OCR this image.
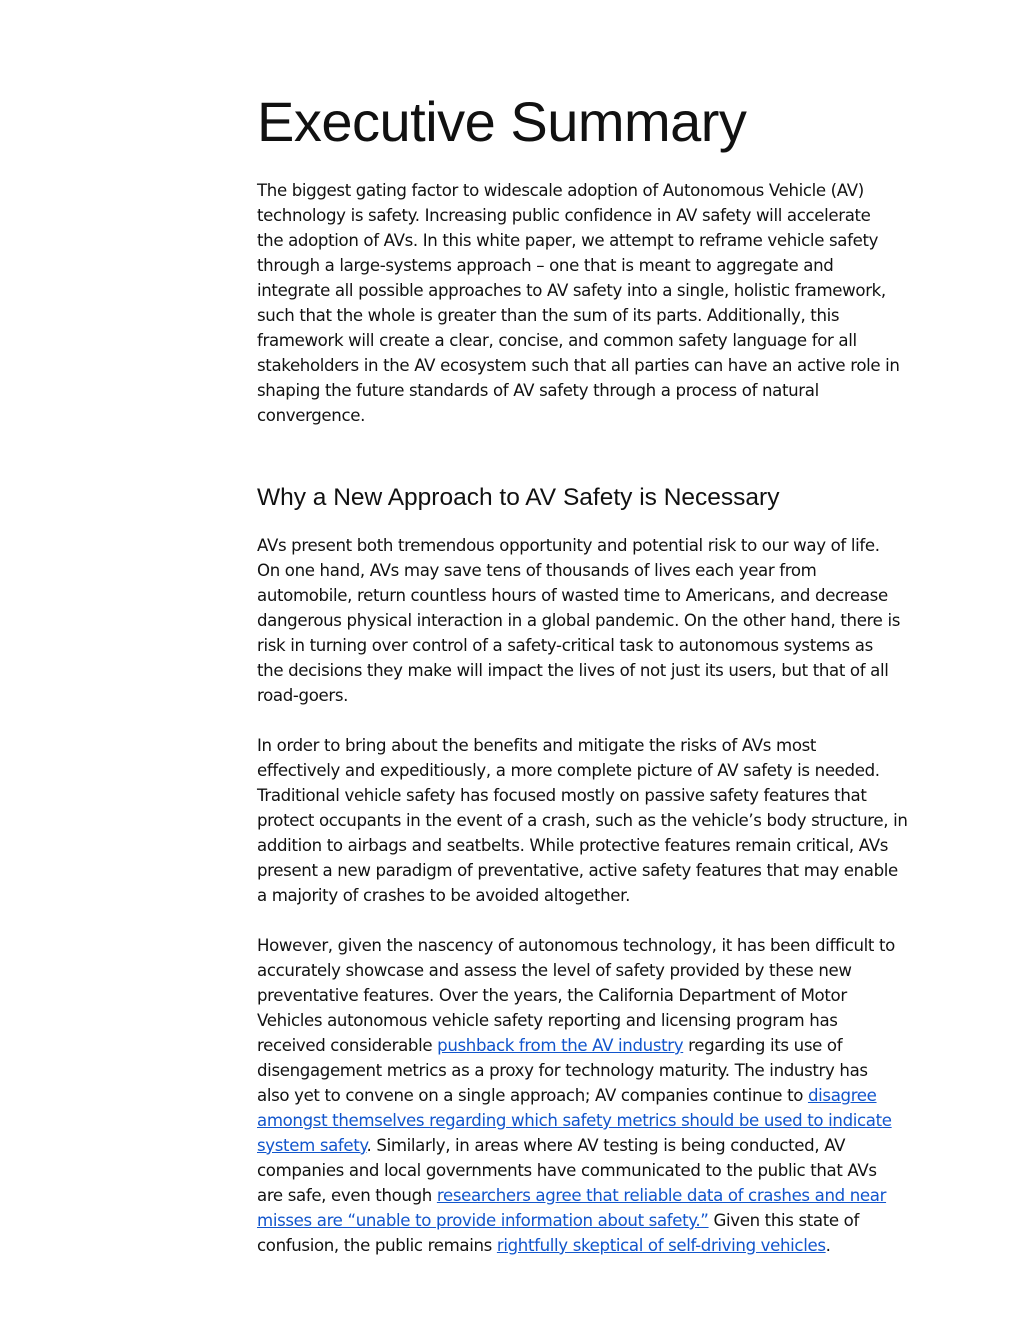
Executive Summary

The biggest gating factor to widescale adoption of Autonomous Vehicle (AV)
technology is safety. Increasing public confidence in AV safety will accelerate
the adoption of AVs. In this white paper, we attempt to reframe vehicle safety
through a large-systems approach – one that is meant to aggregate and
integrate all possible approaches to AV safety into a single, holistic framework,
such that the whole is greater than the sum of its parts. Additionally, this
framework will create a clear, concise, and common safety language for all
stakeholders in the AV ecosystem such that all parties can have an active role in
shaping the future standards of AV safety through a process of natural
convergence.

Why a New Approach to AV Safety is Necessary

AVs present both tremendous opportunity and potential risk to our way of life.
On one hand, AVs may save tens of thousands of lives each year from
automobile, return countless hours of wasted time to Americans, and decrease
dangerous physical interaction in a global pandemic. On the other hand, there is
risk in turning over control of a safety-critical task to autonomous systems as
the decisions they make will impact the lives of not just its users, but that of all
road-goers.

In order to bring about the benefits and mitigate the risks of AVs most
effectively and expeditiously, a more complete picture of AV safety is needed.
Traditional vehicle safety has focused mostly on passive safety features that
protect occupants in the event of a crash, such as the vehicle’s body structure, in
addition to airbags and seatbelts. While protective features remain critical, AVs
present a new paradigm of preventative, active safety features that may enable
a majority of crashes to be avoided altogether.

However, given the nascency of autonomous technology, it has been difficult to
accurately showcase and assess the level of safety provided by these new
preventative features. Over the years, the California Department of Motor
Vehicles autonomous vehicle safety reporting and licensing program has
received considerable pushback from the AV industry regarding its use of
disengagement metrics as a proxy for technology maturity. The industry has
also yet to convene on a single approach; AV companies continue to disagree
amongst themselves regarding which safety metrics should be used to indicate
system safety. Similarly, in areas where AV testing is being conducted, AV
companies and local governments have communicated to the public that AVs
are safe, even though researchers agree that reliable data of crashes and near
misses are “unable to provide information about safety.” Given this state of
confusion, the public remains rightfully skeptical of self-driving vehicles.
